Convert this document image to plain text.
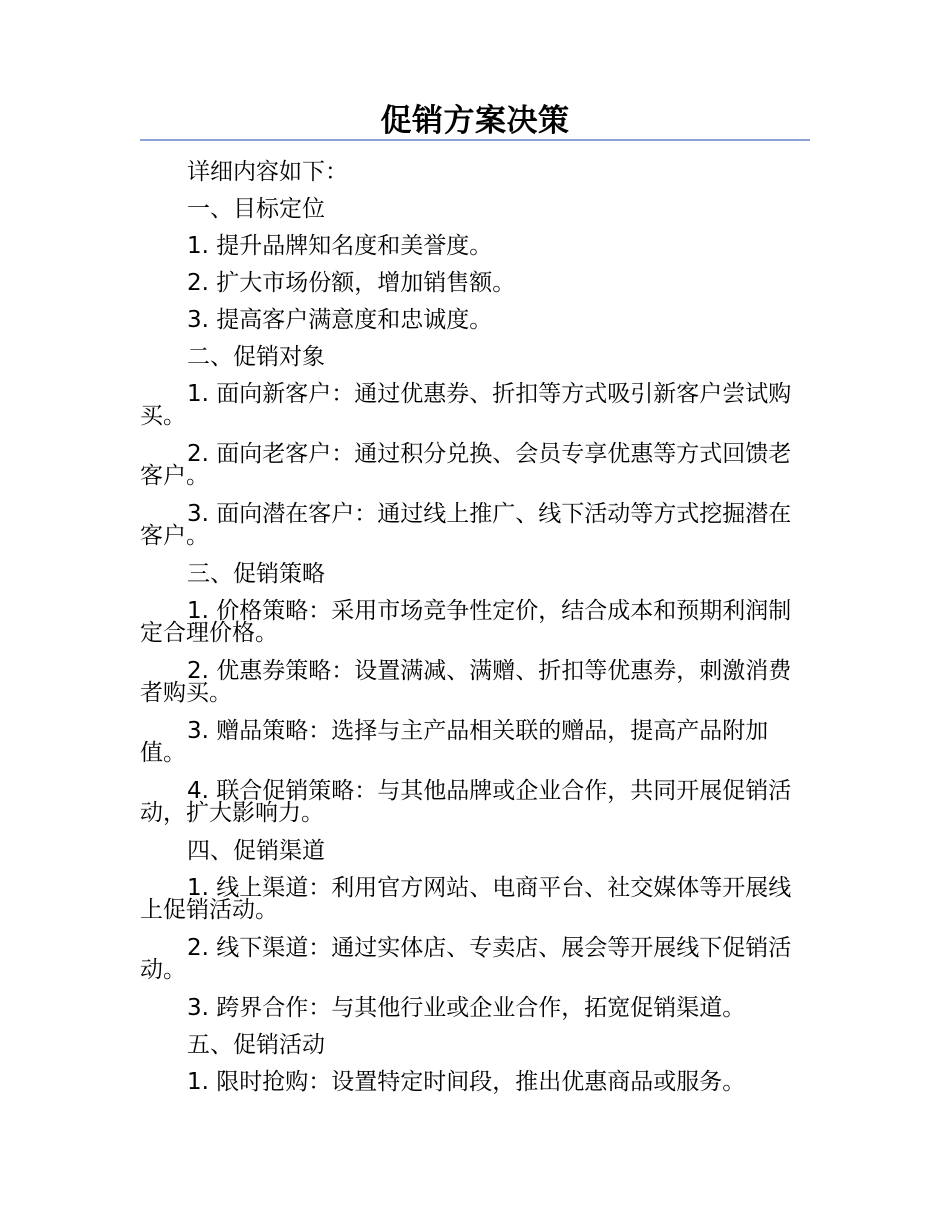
促销方案决策

详细内容如下：

一、目标定位

1. 提升品牌知名度和美誉度。

2. 扩大市场份额，增加销售额。

3. 提高客户满意度和忠诚度。

二、促销对象

1. 面向新客户：通过优惠券、折扣等方式吸引新客户尝试购买。

2. 面向老客户：通过积分兑换、会员专享优惠等方式回馈老客户。

3. 面向潜在客户：通过线上推广、线下活动等方式挖掘潜在客户。

三、促销策略

1. 价格策略：采用市场竞争性定价，结合成本和预期利润制定合理价格。

2. 优惠券策略：设置满减、满赠、折扣等优惠券，刺激消费者购买。

3. 赠品策略：选择与主产品相关联的赠品，提高产品附加值。

4. 联合促销策略：与其他品牌或企业合作，共同开展促销活动，扩大影响力。

四、促销渠道

1. 线上渠道：利用官方网站、电商平台、社交媒体等开展线上促销活动。

2. 线下渠道：通过实体店、专卖店、展会等开展线下促销活动。

3. 跨界合作：与其他行业或企业合作，拓宽促销渠道。

五、促销活动

1. 限时抢购：设置特定时间段，推出优惠商品或服务。
